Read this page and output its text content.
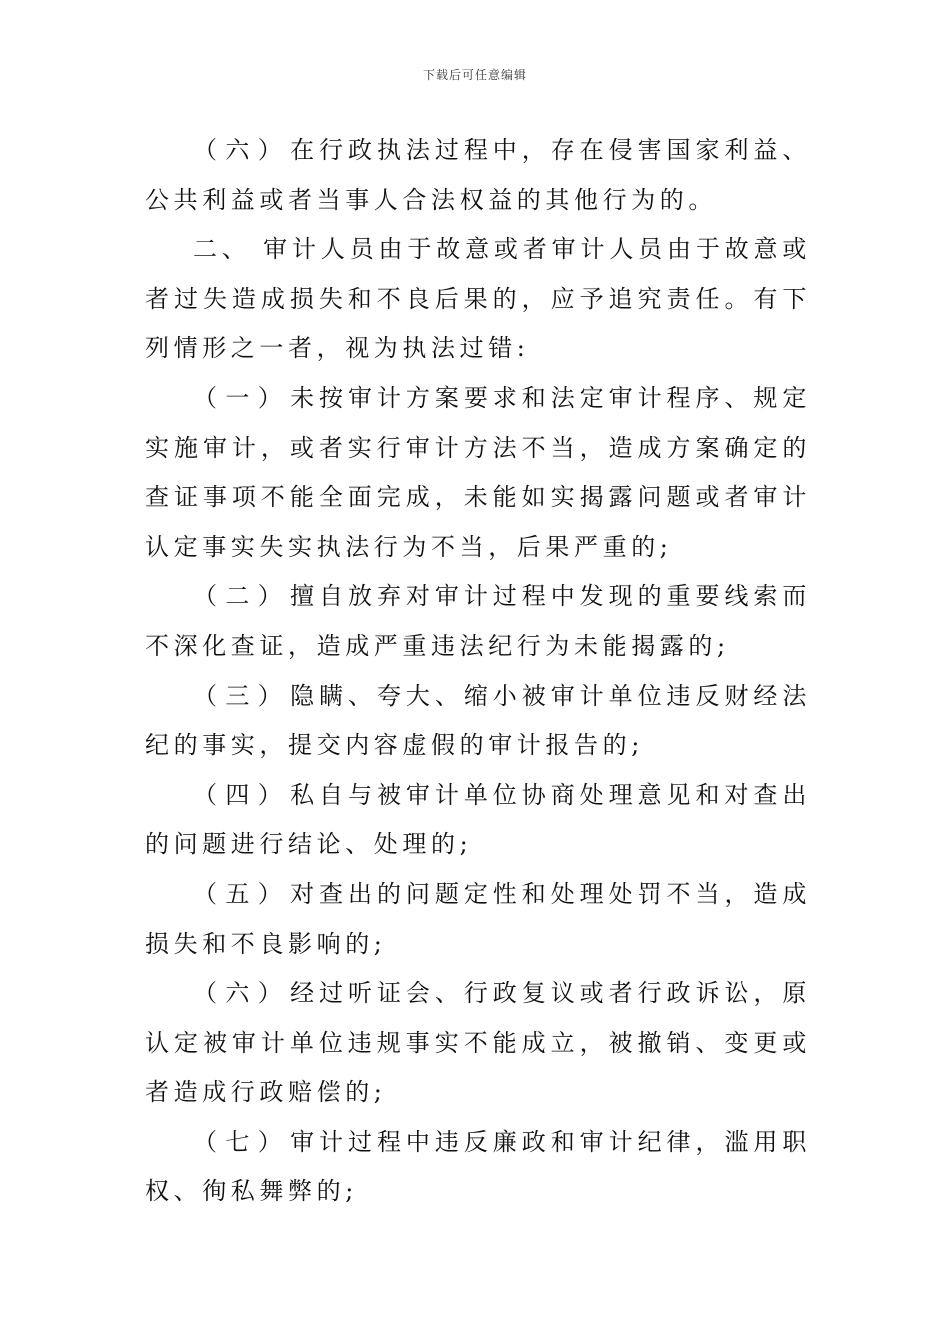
下载后可任意编辑

（六）在行政执法过程中，存在侵害国家利益、公共利益或者当事人合法权益的其他行为的。

二、 审计人员由于故意或者审计人员由于故意或者过失造成损失和不良后果的，应予追究责任。有下列情形之一者，视为执法过错:

（一）未按审计方案要求和法定审计程序、规定实施审计，或者实行审计方法不当，造成方案确定的查证事项不能全面完成，未能如实揭露问题或者审计认定事实失实执法行为不当，后果严重的;

（二）擅自放弃对审计过程中发现的重要线索而不深化查证，造成严重违法纪行为未能揭露的;

（三）隐瞒、夸大、缩小被审计单位违反财经法纪的事实，提交内容虚假的审计报告的;

（四）私自与被审计单位协商处理意见和对查出的问题进行结论、处理的;

（五）对查出的问题定性和处理处罚不当，造成损失和不良影响的;

（六）经过听证会、行政复议或者行政诉讼，原认定被审计单位违规事实不能成立，被撤销、变更或者造成行政赔偿的;

（七）审计过程中违反廉政和审计纪律，滥用职权、徇私舞弊的;
